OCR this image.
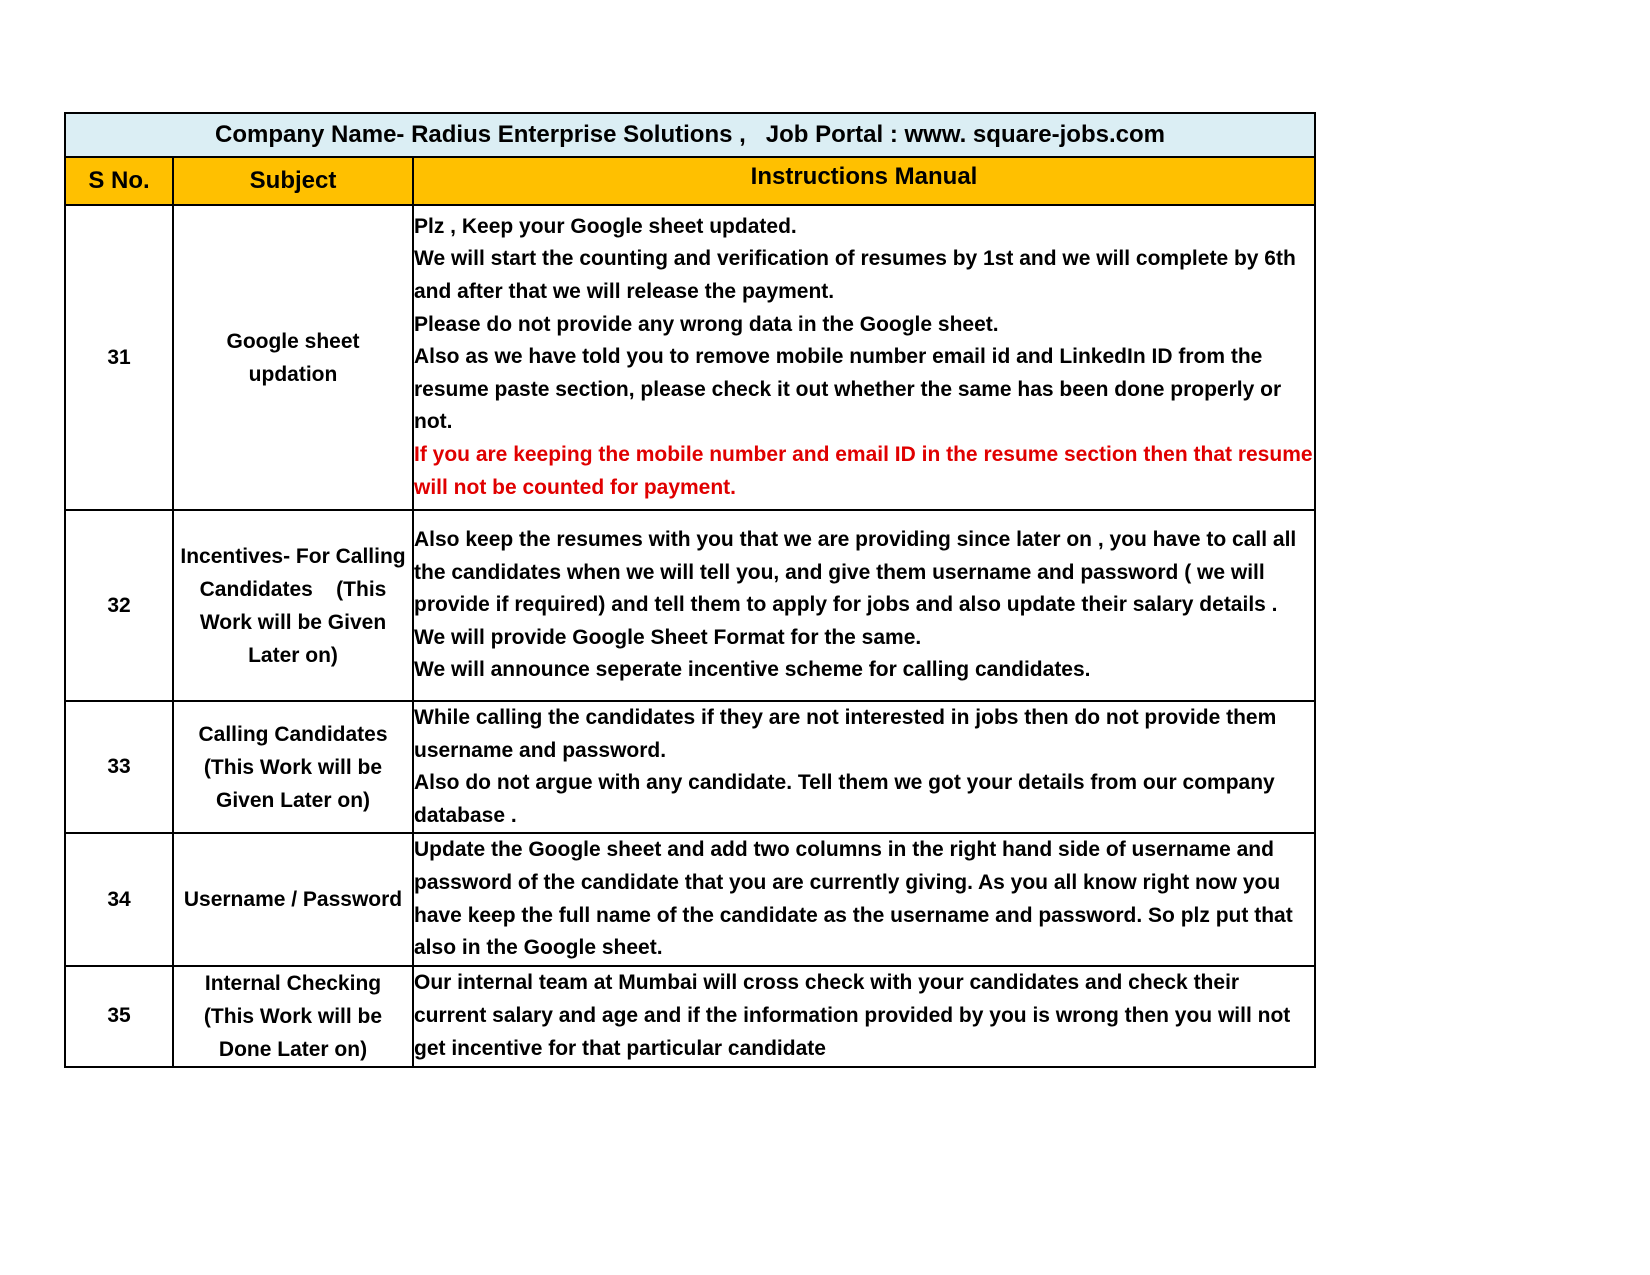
Company Name- Radius Enterprise Solutions ,   Job Portal : www. square-jobs.com		
S No.	Subject	Instructions Manual
31	Google sheet updation	Plz , Keep your Google sheet updated.

We will start the counting and verification of resumes by 1st and we will complete by 6th and after that we will release the payment.

Please do not provide any wrong data in the Google sheet.

Also as we have told you to remove mobile number email id and LinkedIn ID from the resume paste section, please check it out whether the same has been done properly or not.

If you are keeping the mobile number and email ID in the resume section then that resume will not be counted for payment.

32	Incentives- For Calling Candidates    (This Work will be Given Later on)	Also keep the resumes with you that we are providing since later on , you have to call all the candidates when we will tell you, and give them username and password ( we will provide if required) and tell them to apply for jobs and also update their salary details . We will provide Google Sheet Format for the same.

We will announce seperate incentive scheme for calling candidates.

33	Calling Candidates (This Work will be Given Later on)	While calling the candidates if they are not interested in jobs then do not provide them username and password.

Also do not argue with any candidate. Tell them we got your details from our company database .

34	Username / Password	Update the Google sheet and add two columns in the right hand side of username and password of the candidate that you are currently giving. As you all know right now you have keep the full name of the candidate as the username and password. So plz put that also in the Google sheet.

35	Internal Checking (This Work will be Done Later on)	Our internal team at Mumbai will cross check with your candidates and check their current salary and age and if the information provided by you is wrong then you will not get incentive for that particular candidate
